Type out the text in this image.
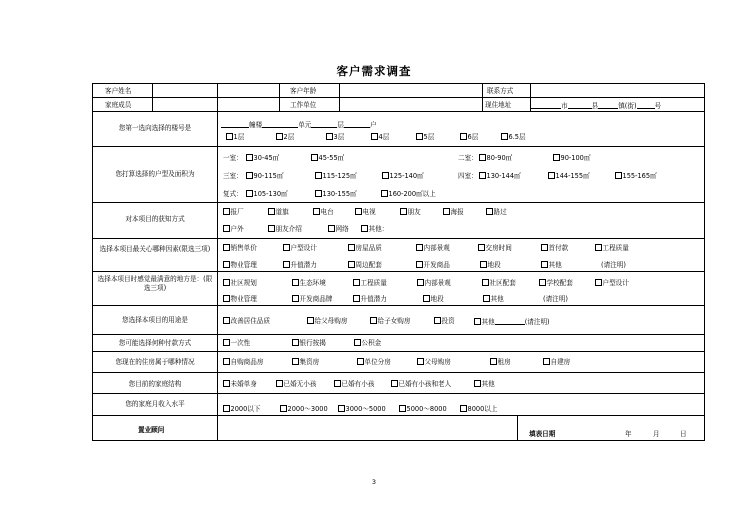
客户需求调查
客户姓名	客户年龄	联系方式
家庭成员	工作单位	现住地址	市	县	镇(街)	号
您第一选向选择的楼号是	幢楼	单元	层	户
1层	2层	3层	4层	5层	6层	6.5层
您打算选择的户型及面积为
一室：	30-45㎡	45-55㎡	二室：	80-90㎡	90-100㎡
三室：	90-115㎡	115-125㎡	125-140㎡	四室：	130-144㎡	144-155㎡	155-165㎡
复式：	105-130㎡	130-155㎡	160-200㎡以上
对本项目的获知方式
报厂	道旗	电台	电视	朋友	海报	路过
户外	朋友介绍	网络	其他：
选择本项目最关心哪种因素(限选三项)	销售单价	户型设计	房屋品质	内部景观	交房时间	首付款	工程质量
物业管理	升值潜力	周边配套	开发商品	地段	其他	(请注明)
选择本项目时感觉最满意的地方是：(限选三项)
社区规划	生态环境	工程质量	内部景观	社区配套	学校配套	户型设计
物业管理	开发商品牌	升值潜力	地段	其他	(请注明)
您选择本项目的用途是	改善居住品质	给父母购房	给子女购房	投资	其他	(请注明)
您可能选择何种付款方式	一次性	银行按揭	公积金
您现在的住房属于哪种情况	自购商品房	集资房	单位分房	父母购房	租房	自建房
您目前的家庭结构	未婚单身	已婚无小孩	已婚有小孩	已婚有小孩和老人	其他
您的家庭月收入水平
2000以下	2000～3000	3000～5000	5000～8000	8000以上
置业顾问	填表日期	年	月	日
3
